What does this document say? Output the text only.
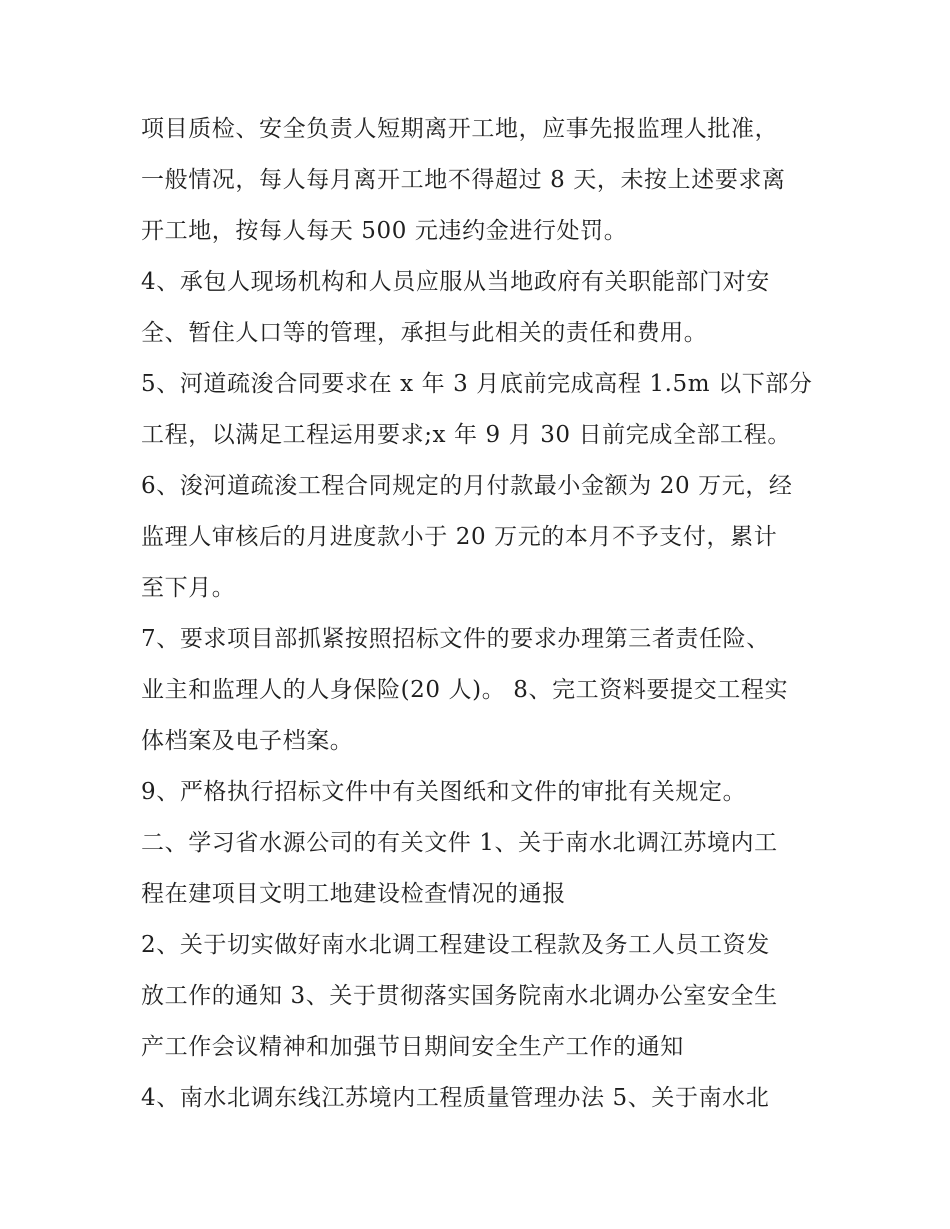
项目质检、安全负责人短期离开工地，应事先报监理人批准，
一般情况，每人每月离开工地不得超过 8 天，未按上述要求离
开工地，按每人每天 500 元违约金进行处罚。
4、承包人现场机构和人员应服从当地政府有关职能部门对安
全、暂住人口等的管理，承担与此相关的责任和费用。
5、河道疏浚合同要求在 x 年 3 月底前完成高程 1.5m 以下部分
工程，以满足工程运用要求;x 年 9 月 30 日前完成全部工程。
6、浚河道疏浚工程合同规定的月付款最小金额为 20 万元，经
监理人审核后的月进度款小于 20 万元的本月不予支付，累计
至下月。
7、要求项目部抓紧按照招标文件的要求办理第三者责任险、
业主和监理人的人身保险(20 人)。 8、完工资料要提交工程实
体档案及电子档案。
9、严格执行招标文件中有关图纸和文件的审批有关规定。
二、学习省水源公司的有关文件 1、关于南水北调江苏境内工
程在建项目文明工地建设检查情况的通报
2、关于切实做好南水北调工程建设工程款及务工人员工资发
放工作的通知 3、关于贯彻落实国务院南水北调办公室安全生
产工作会议精神和加强节日期间安全生产工作的通知
4、南水北调东线江苏境内工程质量管理办法 5、关于南水北
